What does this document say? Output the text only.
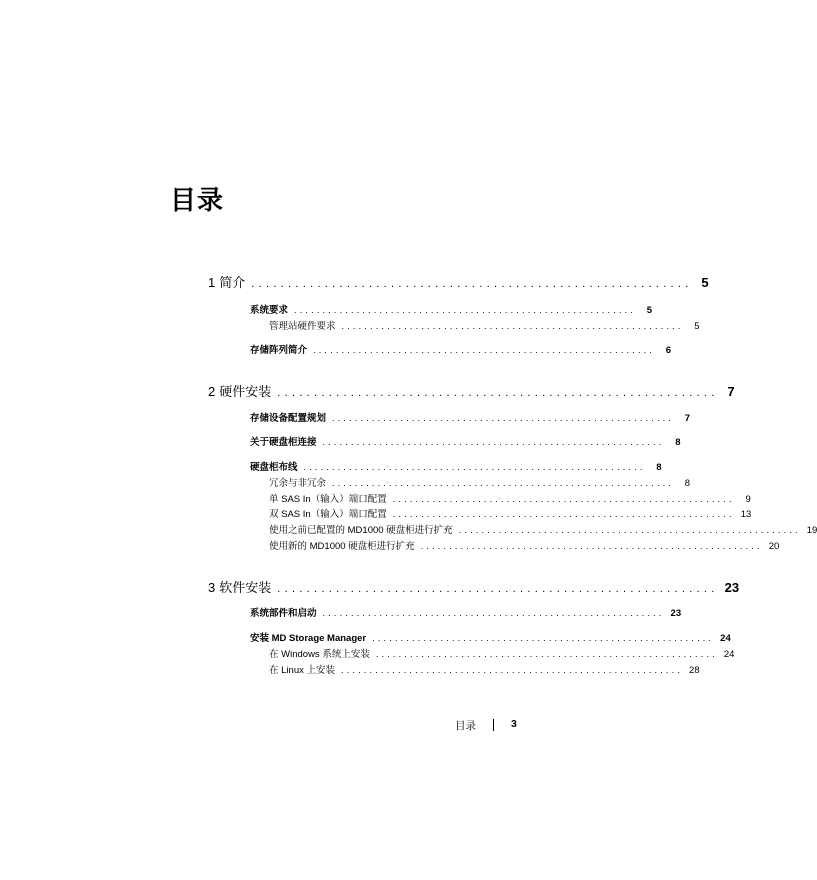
目录
1 简介 ............................................................ 5
系统要求 ............................................................	5
管理站硬件要求 ............................................................	5
存储阵列简介 ............................................................	6
2 硬件安装 ............................................................ 7
存储设备配置规划 ............................................................	7
关于硬盘柜连接 ............................................................	8
硬盘柜布线 ............................................................	8
冗余与非冗余 ............................................................	8
单 SAS In（输入）端口配置 ............................................................	9
双 SAS In（输入）端口配置 ............................................................ 13
使用之前已配置的 MD1000 硬盘柜进行扩充 ............................................................ 19
使用新的 MD1000 硬盘柜进行扩充 ............................................................ 20
3 软件安装 ............................................................ 23
系统部件和启动 ............................................................ 23
安装 MD Storage Manager ............................................................ 24
在 Windows 系统上安装 ............................................................ 24
在 Linux 上安装 ............................................................ 28
目录	3
